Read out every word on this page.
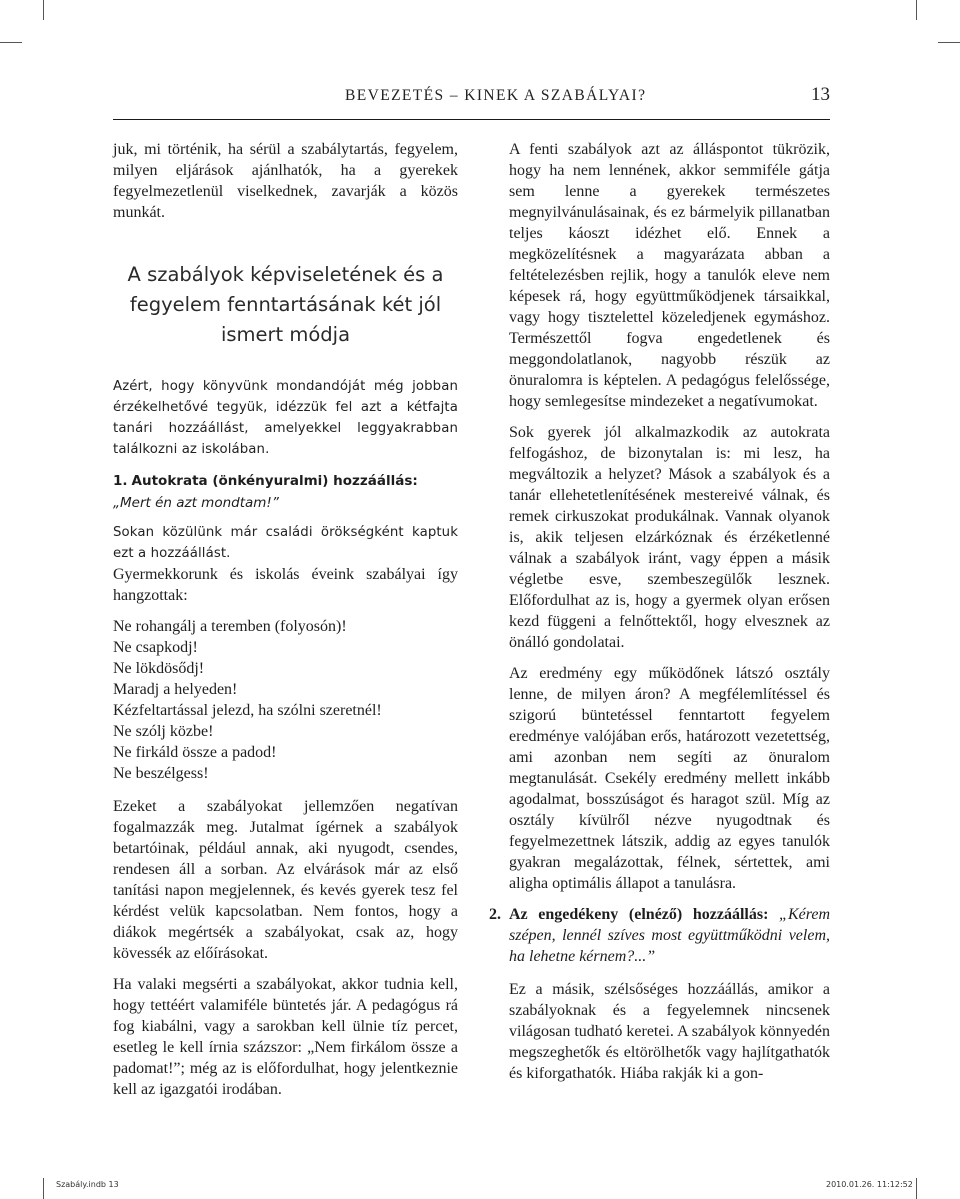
BEVEZETÉS – KINEK A SZABÁLYAI?	13

juk, mi történik, ha sérül a szabálytartás, fegyelem, milyen eljárások ajánlhatók, ha a gyerekek fegyelmezetlenül viselkednek, zavarják a közös munkát.

A szabályok képviseletének és a fegyelem fenntartásának két jól ismert módja

Azért, hogy könyvünk mondandóját még jobban érzékelhetővé tegyük, idézzük fel azt a kétfajta tanári hozzáállást, amelyekkel leggyakrabban találkozni az iskolában.

1. Autokrata (önkényuralmi) hozzáállás: „Mert én azt mondtam!”

Sokan közülünk már családi örökségként kaptuk ezt a hozzáállást.

Gyermekkorunk és iskolás éveink szabályai így hangzottak:

Ne rohangálj a teremben (folyosón)!
Ne csapkodj!
Ne lökdösődj!
Maradj a helyeden!
Kézfeltartással jelezd, ha szólni szeretnél!
Ne szólj közbe!
Ne firkáld össze a padod!
Ne beszélgess!

Ezeket a szabályokat jellemzően negatívan fogalmazzák meg. Jutalmat ígérnek a szabályok betartóinak, például annak, aki nyugodt, csendes, rendesen áll a sorban. Az elvárások már az első tanítási napon megjelennek, és kevés gyerek tesz fel kérdést velük kapcsolatban. Nem fontos, hogy a diákok megértsék a szabályokat, csak az, hogy kövessék az előírásokat.

Ha valaki megsérti a szabályokat, akkor tudnia kell, hogy tettéért valamiféle büntetés jár. A pedagógus rá fog kiabálni, vagy a sarokban kell ülnie tíz percet, esetleg le kell írnia százszor: „Nem firkálom össze a padomat!”; még az is előfordulhat, hogy jelentkeznie kell az igazgatói irodában.

A fenti szabályok azt az álláspontot tükrözik, hogy ha nem lennének, akkor semmiféle gátja sem lenne a gyerekek természetes megnyilvánulásainak, és ez bármelyik pillanatban teljes káoszt idézhet elő. Ennek a megközelítésnek a magyarázata abban a feltételezésben rejlik, hogy a tanulók eleve nem képesek rá, hogy együttműködjenek társaikkal, vagy hogy tisztelettel közeledjenek egymáshoz. Természettől fogva engedetlenek és meggondolatlanok, nagyobb részük az önuralomra is képtelen. A pedagógus felelőssége, hogy semlegesítse mindezeket a negatívumokat.

Sok gyerek jól alkalmazkodik az autokrata felfogáshoz, de bizonytalan is: mi lesz, ha megváltozik a helyzet? Mások a szabályok és a tanár ellehetetlenítésének mestereivé válnak, és remek cirkuszokat produkálnak. Vannak olyanok is, akik teljesen elzárkóznak és érzéketlenné válnak a szabályok iránt, vagy éppen a másik végletbe esve, szembeszegülők lesznek. Előfordulhat az is, hogy a gyermek olyan erősen kezd függeni a felnőttektől, hogy elvesznek az önálló gondolatai.

Az eredmény egy működőnek látszó osztály lenne, de milyen áron? A megfélemlítéssel és szigorú büntetéssel fenntartott fegyelem eredménye valójában erős, határozott vezetettség, ami azonban nem segíti az önuralom megtanulását. Csekély eredmény mellett inkább agodalmat, bosszúságot és haragot szül. Míg az osztály kívülről nézve nyugodtnak és fegyelmezettnek látszik, addig az egyes tanulók gyakran megalázottak, félnek, sértettek, ami aligha optimális állapot a tanulásra.

2. Az engedékeny (elnéző) hozzáállás: „Kérem szépen, lennél szíves most együttműködni velem, ha lehetne kérnem?...”

Ez a másik, szélsőséges hozzáállás, amikor a szabályoknak és a fegyelemnek nincsenek világosan tudható keretei. A szabályok könnyedén megszeghetők és eltörölhetők vagy hajlítgathatók és kiforgathatók. Hiába rakják ki a gon-

Szabály.indb 13	2010.01.26. 11:12:52
